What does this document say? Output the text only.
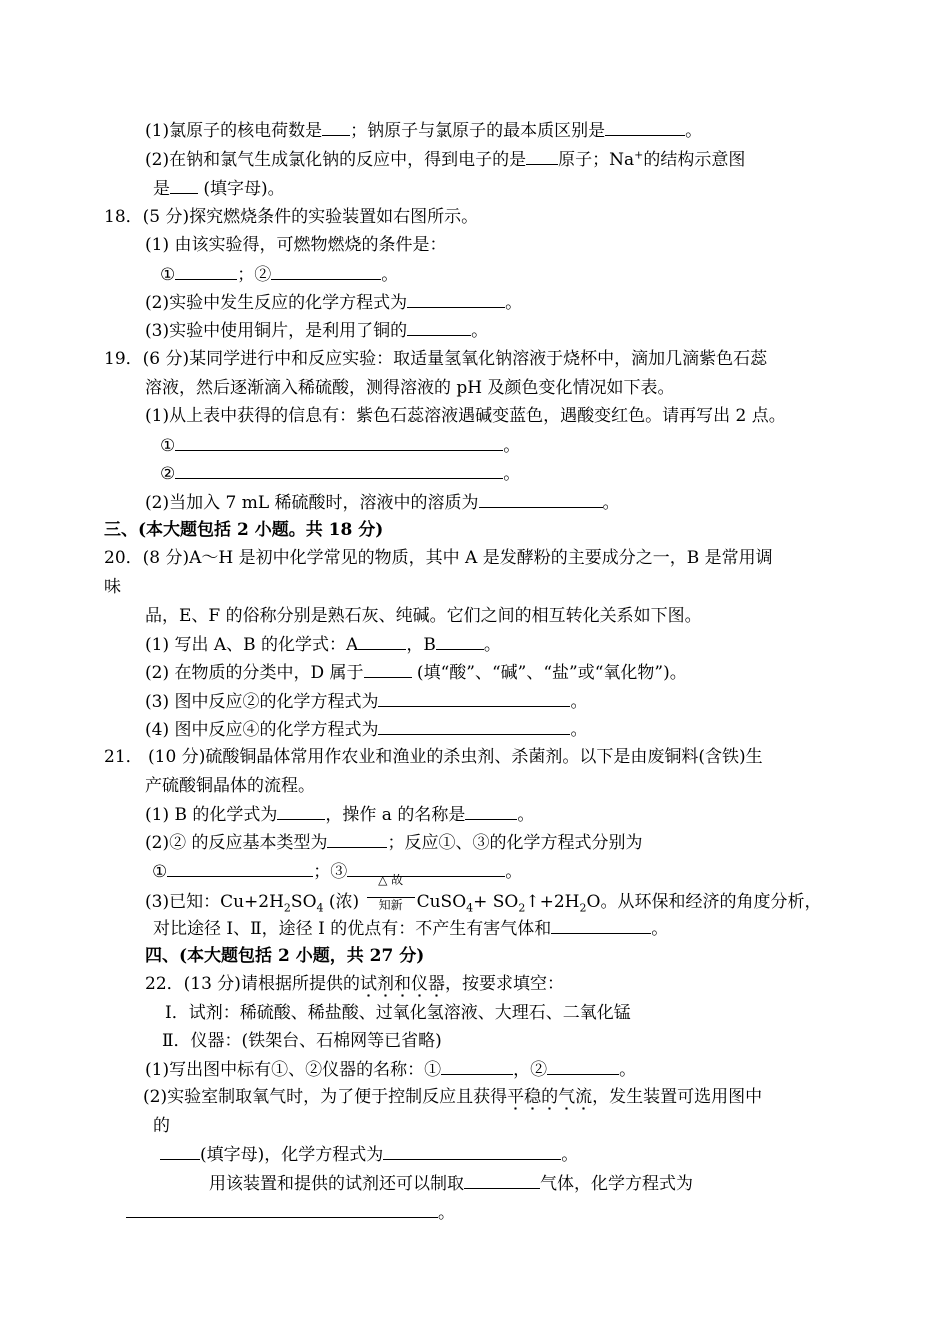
(1)氯原子的核电荷数是 ；钠原子与氯原子的最本质区别是	。
(2)在钠和氯气生成氯化钠的反应中，得到电子的是 原子；Na+的结构示意图
是 (填字母)。
18．(5 分)探究燃烧条件的实验装置如右图所示。
(1) 由该实验得，可燃物燃烧的条件是：
①	；②	。
(2)实验中发生反应的化学方程式为	。
(3)实验中使用铜片，是利用了铜的	。
19．(6 分)某同学进行中和反应实验：取适量氢氧化钠溶液于烧杯中，滴加几滴紫色石蕊
溶液，然后逐渐滴入稀硫酸，测得溶液的 pH 及颜色变化情况如下表。
(1)从上表中获得的信息有：紫色石蕊溶液遇碱变蓝色，遇酸变红色。请再写出 2 点。
①	。
②	。
(2)当加入 7 mL 稀硫酸时，溶液中的溶质为	。
三、(本大题包括 2 小题。共 18 分)
20．(8 分)A～H 是初中化学常见的物质，其中 A 是发酵粉的主要成分之一，B 是常用调
味
品，E、F 的俗称分别是熟石灰、纯碱。它们之间的相互转化关系如下图。
(1) 写出 A、B 的化学式：A	，B	。
(2) 在物质的分类中，D 属于	(填“酸”、“碱”、“盐”或“氧化物”)。
(3) 图中反应②的化学方程式为	。
(4) 图中反应④的化学方程式为	。
21． (10 分)硫酸铜晶体常用作农业和渔业的杀虫剂、杀菌剂。以下是由废铜料(含铁)生
产硫酸铜晶体的流程。
(1) B 的化学式为	，操作 a 的名称是	。
(2)② 的反应基本类型为	；反应①、③的化学方程式分别为
①	；③	。
(3)已知：$Cu+2H_2SO_4$ (浓)
△ 故
知新 CuSO$_4$+ $SO_2↑+2H_2O$。从环保和经济的角度分析，
对比途径 I、Ⅱ，途径 I 的优点有：不产生有害气体和	。
四、(本大题包括 2 小题，共 27 分)
22．(13 分)请根据所提供的试剂和仪器，按要求填空：
I．试剂：稀硫酸、稀盐酸、过氧化氢溶液、大理石、二氧化锰
Ⅱ．仪器：(铁架台、石棉网等已省略)
(1)写出图中标有①、②仪器的名称：①	，②	。
(2)实验室制取氧气时，为了便于控制反应且获得平稳的气流，发生装置可选用图中
的
(填字母)，化学方程式为	。
用该装置和提供的试剂还可以制取	气体，化学方程式为
。
